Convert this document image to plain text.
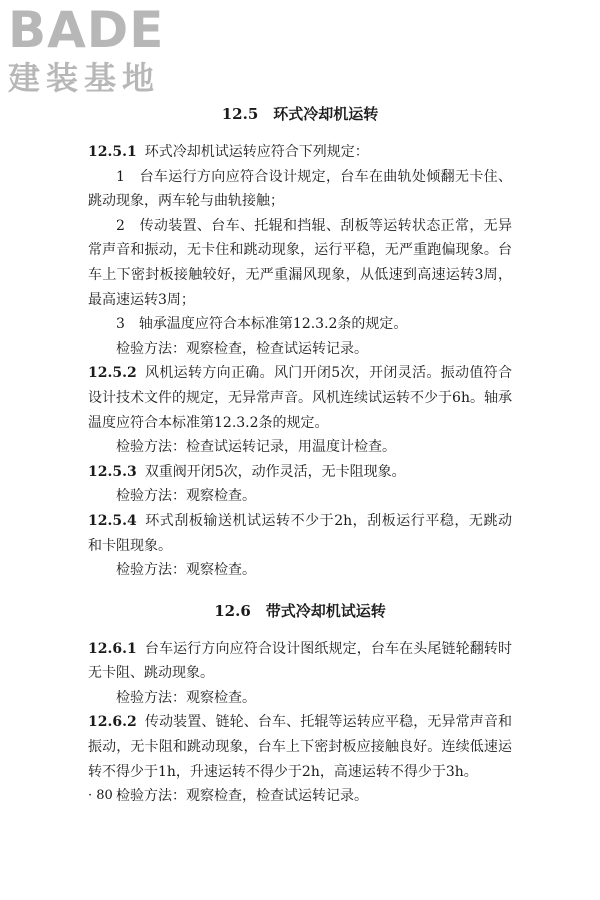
BADE
建装基地
12.5　环式冷却机运转

12.5.1 环式冷却机试运转应符合下列规定：

1　台车运行方向应符合设计规定，台车在曲轨处倾翻无卡住、跳动现象，两车轮与曲轨接触；

2　传动装置、台车、托辊和挡辊、刮板等运转状态正常，无异常声音和振动，无卡住和跳动现象，运行平稳，无严重跑偏现象。台车上下密封板接触较好，无严重漏风现象，从低速到高速运转3周，最高速运转3周；

3　轴承温度应符合本标准第12.3.2条的规定。

检验方法：观察检查，检查试运转记录。

12.5.2 风机运转方向正确。风门开闭5次，开闭灵活。振动值符合设计技术文件的规定，无异常声音。风机连续试运转不少于6h。轴承温度应符合本标准第12.3.2条的规定。

检验方法：检查试运转记录，用温度计检查。

12.5.3 双重阀开闭5次，动作灵活，无卡阻现象。

检验方法：观察检查。

12.5.4 环式刮板输送机试运转不少于2h，刮板运行平稳，无跳动和卡阻现象。

检验方法：观察检查。

12.6　带式冷却机试运转

12.6.1 台车运行方向应符合设计图纸规定，台车在头尾链轮翻转时无卡阻、跳动现象。

检验方法：观察检查。

12.6.2 传动装置、链轮、台车、托辊等运转应平稳，无异常声音和振动，无卡阻和跳动现象，台车上下密封板应接触良好。连续低速运转不得少于1h，升速运转不得少于2h，高速运转不得少于3h。

检验方法：观察检查，检查试运转记录。

· 80 ·
